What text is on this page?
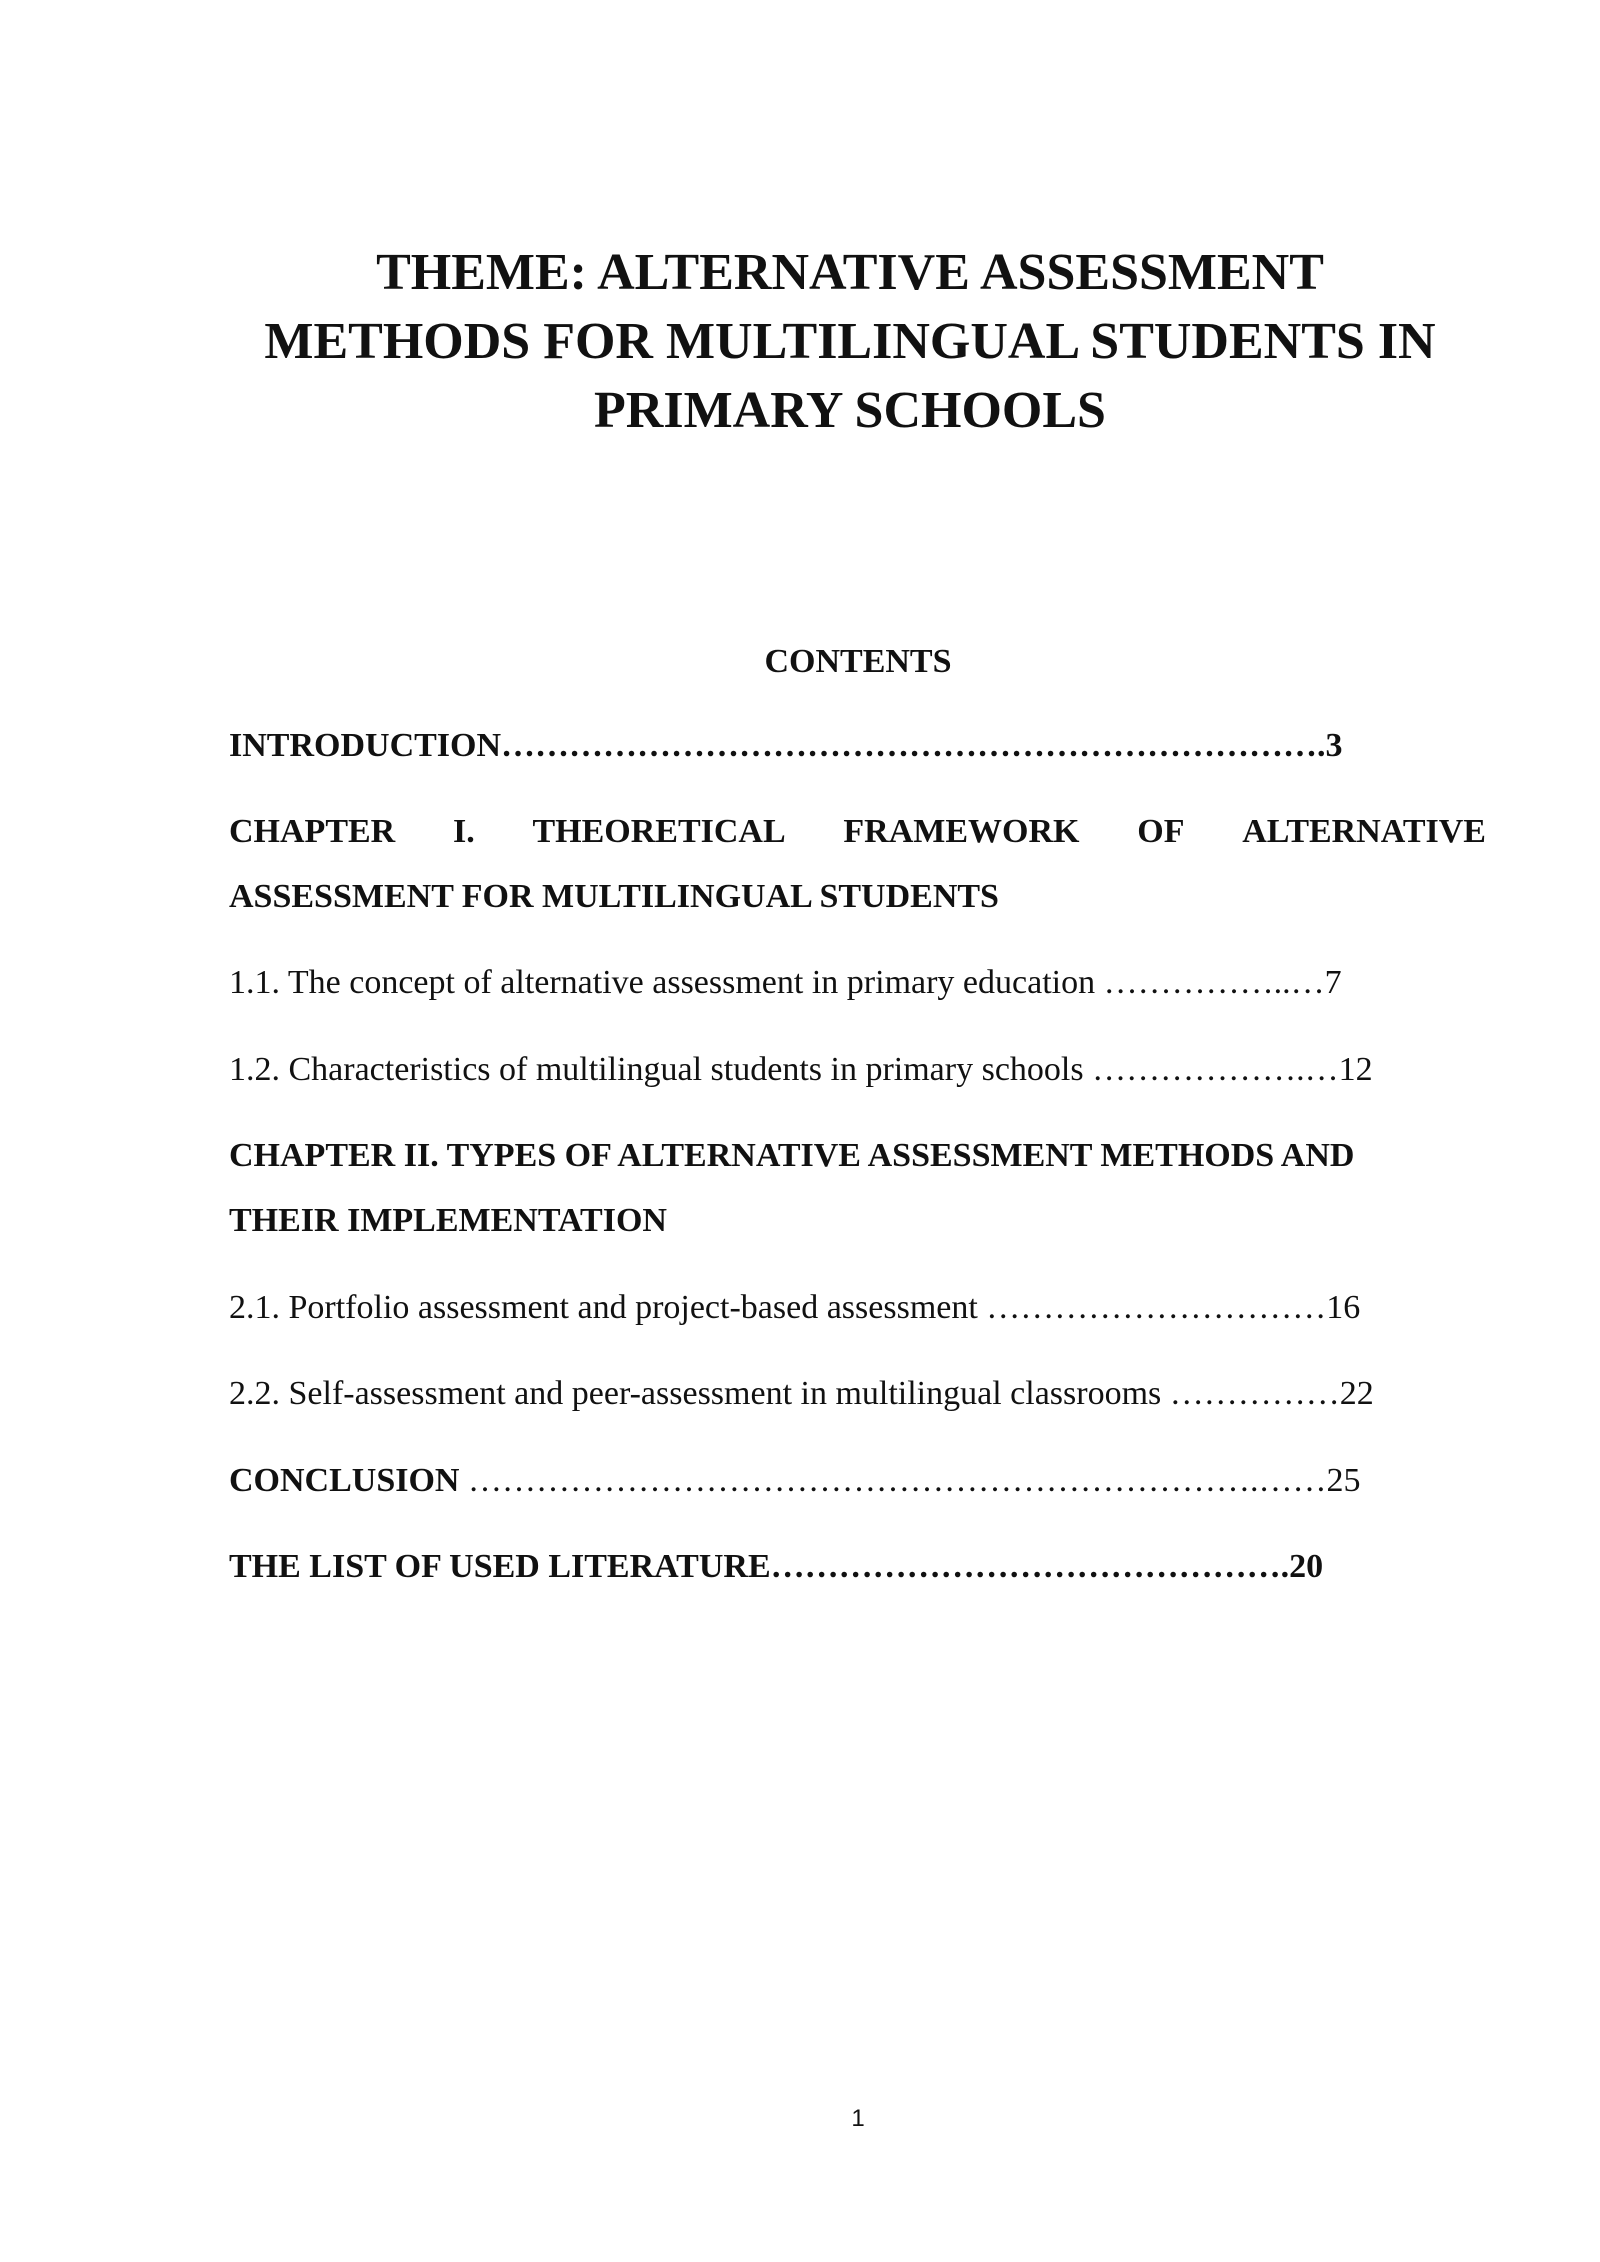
THEME: ALTERNATIVE ASSESSMENT
METHODS FOR MULTILINGUAL STUDENTS IN
PRIMARY SCHOOLS
CONTENTS
INTRODUCTION……………………………………………………………….3
CHAPTER I. THEORETICAL FRAMEWORK OF ALTERNATIVE
ASSESSMENT FOR MULTILINGUAL STUDENTS
1.1. The concept of alternative assessment in primary education ……………..…7
1.2. Characteristics of multilingual students in primary schools ……………….…12
CHAPTER II. TYPES OF ALTERNATIVE ASSESSMENT METHODS AND
THEIR IMPLEMENTATION
2.1. Portfolio assessment and project-based assessment …………………………16
2.2. Self-assessment and peer-assessment in multilingual classrooms ……………22
CONCLUSION …………………………………………………………….……25
THE LIST OF USED LITERATURE……………………………………….20
1
